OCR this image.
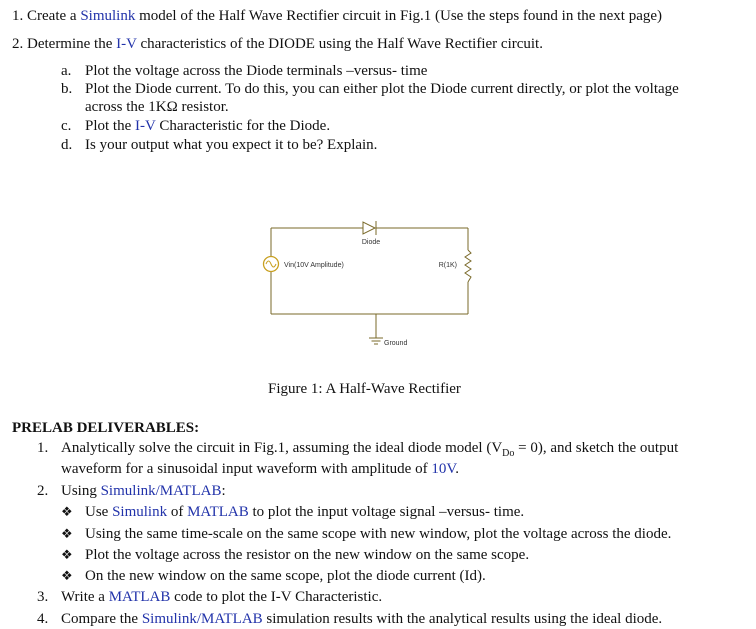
1. Create a Simulink model of the Half Wave Rectifier circuit in Fig.1 (Use the steps found in the next page)
2. Determine the I-V characteristics of the DIODE using the Half Wave Rectifier circuit.
a. Plot the voltage across the Diode terminals –versus- time
b. Plot the Diode current. To do this, you can either plot the Diode current directly, or plot the voltage
across the 1KΩ resistor.
c. Plot the I-V Characteristic for the Diode.
d. Is your output what you expect it to be? Explain.
Diode
Vin(10V Amplitude)	R(1K)
Ground
Figure 1: A Half-Wave Rectifier
PRELAB DELIVERABLES:
1. Analytically solve the circuit in Fig.1, assuming the ideal diode model $(V_{Do} = 0)$, and sketch the output
waveform for a sinusoidal input waveform with amplitude of 10V.
2. Using Simulink/MATLAB:
❖ Use Simulink of MATLAB to plot the input voltage signal –versus- time.
❖ Using the same time-scale on the same scope with new window, plot the voltage across the diode.
❖ Plot the voltage across the resistor on the new window on the same scope.
❖ On the new window on the same scope, plot the diode current (Id).
3. Write a MATLAB code to plot the I-V Characteristic.
4. Compare the Simulink/MATLAB simulation results with the analytical results using the ideal diode.
